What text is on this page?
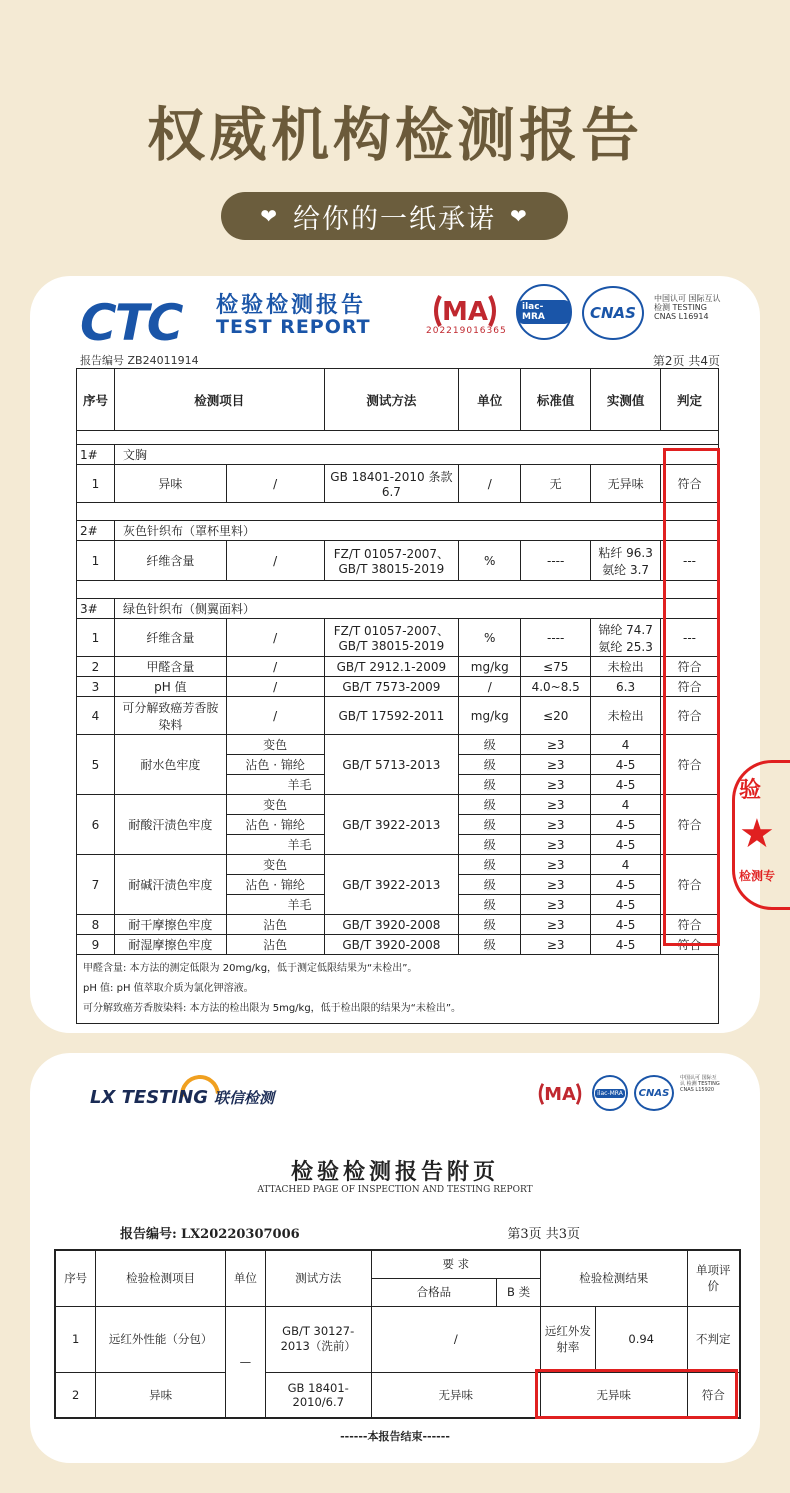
权威机构检测报告
❤ 给你的一纸承诺 ❤
CTC 检验检测报告
TEST REPORT	MA
202219016365
ilac-MRA	CNAS
中国认可 国际互认 检测 TESTING CNAS L16914
报告编号 ZB24011914	第2页 共4页
序号	检测项目		测试方法	单位	标准值	实测值	判定

1#	文胸						
1	异味	/	GB 18401-2010 条款 6.7	/	无	无异味	符合

2#	灰色针织布（罩杯里料）						
1	纤维含量	/	FZ/T 01057-2007、GB/T 38015-2019	%	----	粘纤 96.3 氨纶 3.7	---

3#	绿色针织布（侧翼面料）						
1	纤维含量	/	FZ/T 01057-2007、GB/T 38015-2019	%	----	锦纶 74.7 氨纶 25.3	---
2	甲醛含量	/	GB/T 2912.1-2009	mg/kg	≤75	未检出	符合
3	pH 值	/	GB/T 7573-2009	/	4.0~8.5	6.3	符合
4	可分解致癌芳香胺染料	/	GB/T 17592-2011	mg/kg	≤20	未检出	符合
5	耐水色牢度	变色	GB/T 5713-2013	级	≥3	4	符合
		沾色 · 锦纶		级	≥3	4-5	
		羊毛		级	≥3	4-5	
6	耐酸汗渍色牢度	变色	GB/T 3922-2013	级	≥3	4	符合
		沾色 · 锦纶		级	≥3	4-5	
		羊毛		级	≥3	4-5	
7	耐碱汗渍色牢度	变色	GB/T 3922-2013	级	≥3	4	符合
		沾色 · 锦纶		级	≥3	4-5	
		羊毛		级	≥3	4-5	
8	耐干摩擦色牢度	沾色	GB/T 3920-2008	级	≥3	4-5	符合
9	耐湿摩擦色牢度	沾色	GB/T 3920-2008	级	≥3	4-5	符合

甲醛含量: 本方法的测定低限为 20mg/kg，低于测定低限结果为“未检出”。
pH 值: pH 值萃取介质为氯化钾溶液。
可分解致癌芳香胺染料: 本方法的检出限为 5mg/kg，低于检出限的结果为“未检出”。							
验
★
检测专
LX TESTING 联信检测	MA	ilac-MRA CNAS
中国认可 国际互认 检测 TESTING CNAS L15920
检验检测报告附页
ATTACHED PAGE OF INSPECTION AND TESTING REPORT
报告编号: LX20220307006	第3页 共3页
序号	检验检测项目	单位	测试方法	要 求		检验检测结果		单项评价
				合格品	B 类			
1	远红外性能（分包）	—	GB/T 30127-2013（洗前）	/		远红外发射率	0.94	不判定
2	异味		GB 18401-2010/6.7	无异味		无异味		符合
------本报告结束------
